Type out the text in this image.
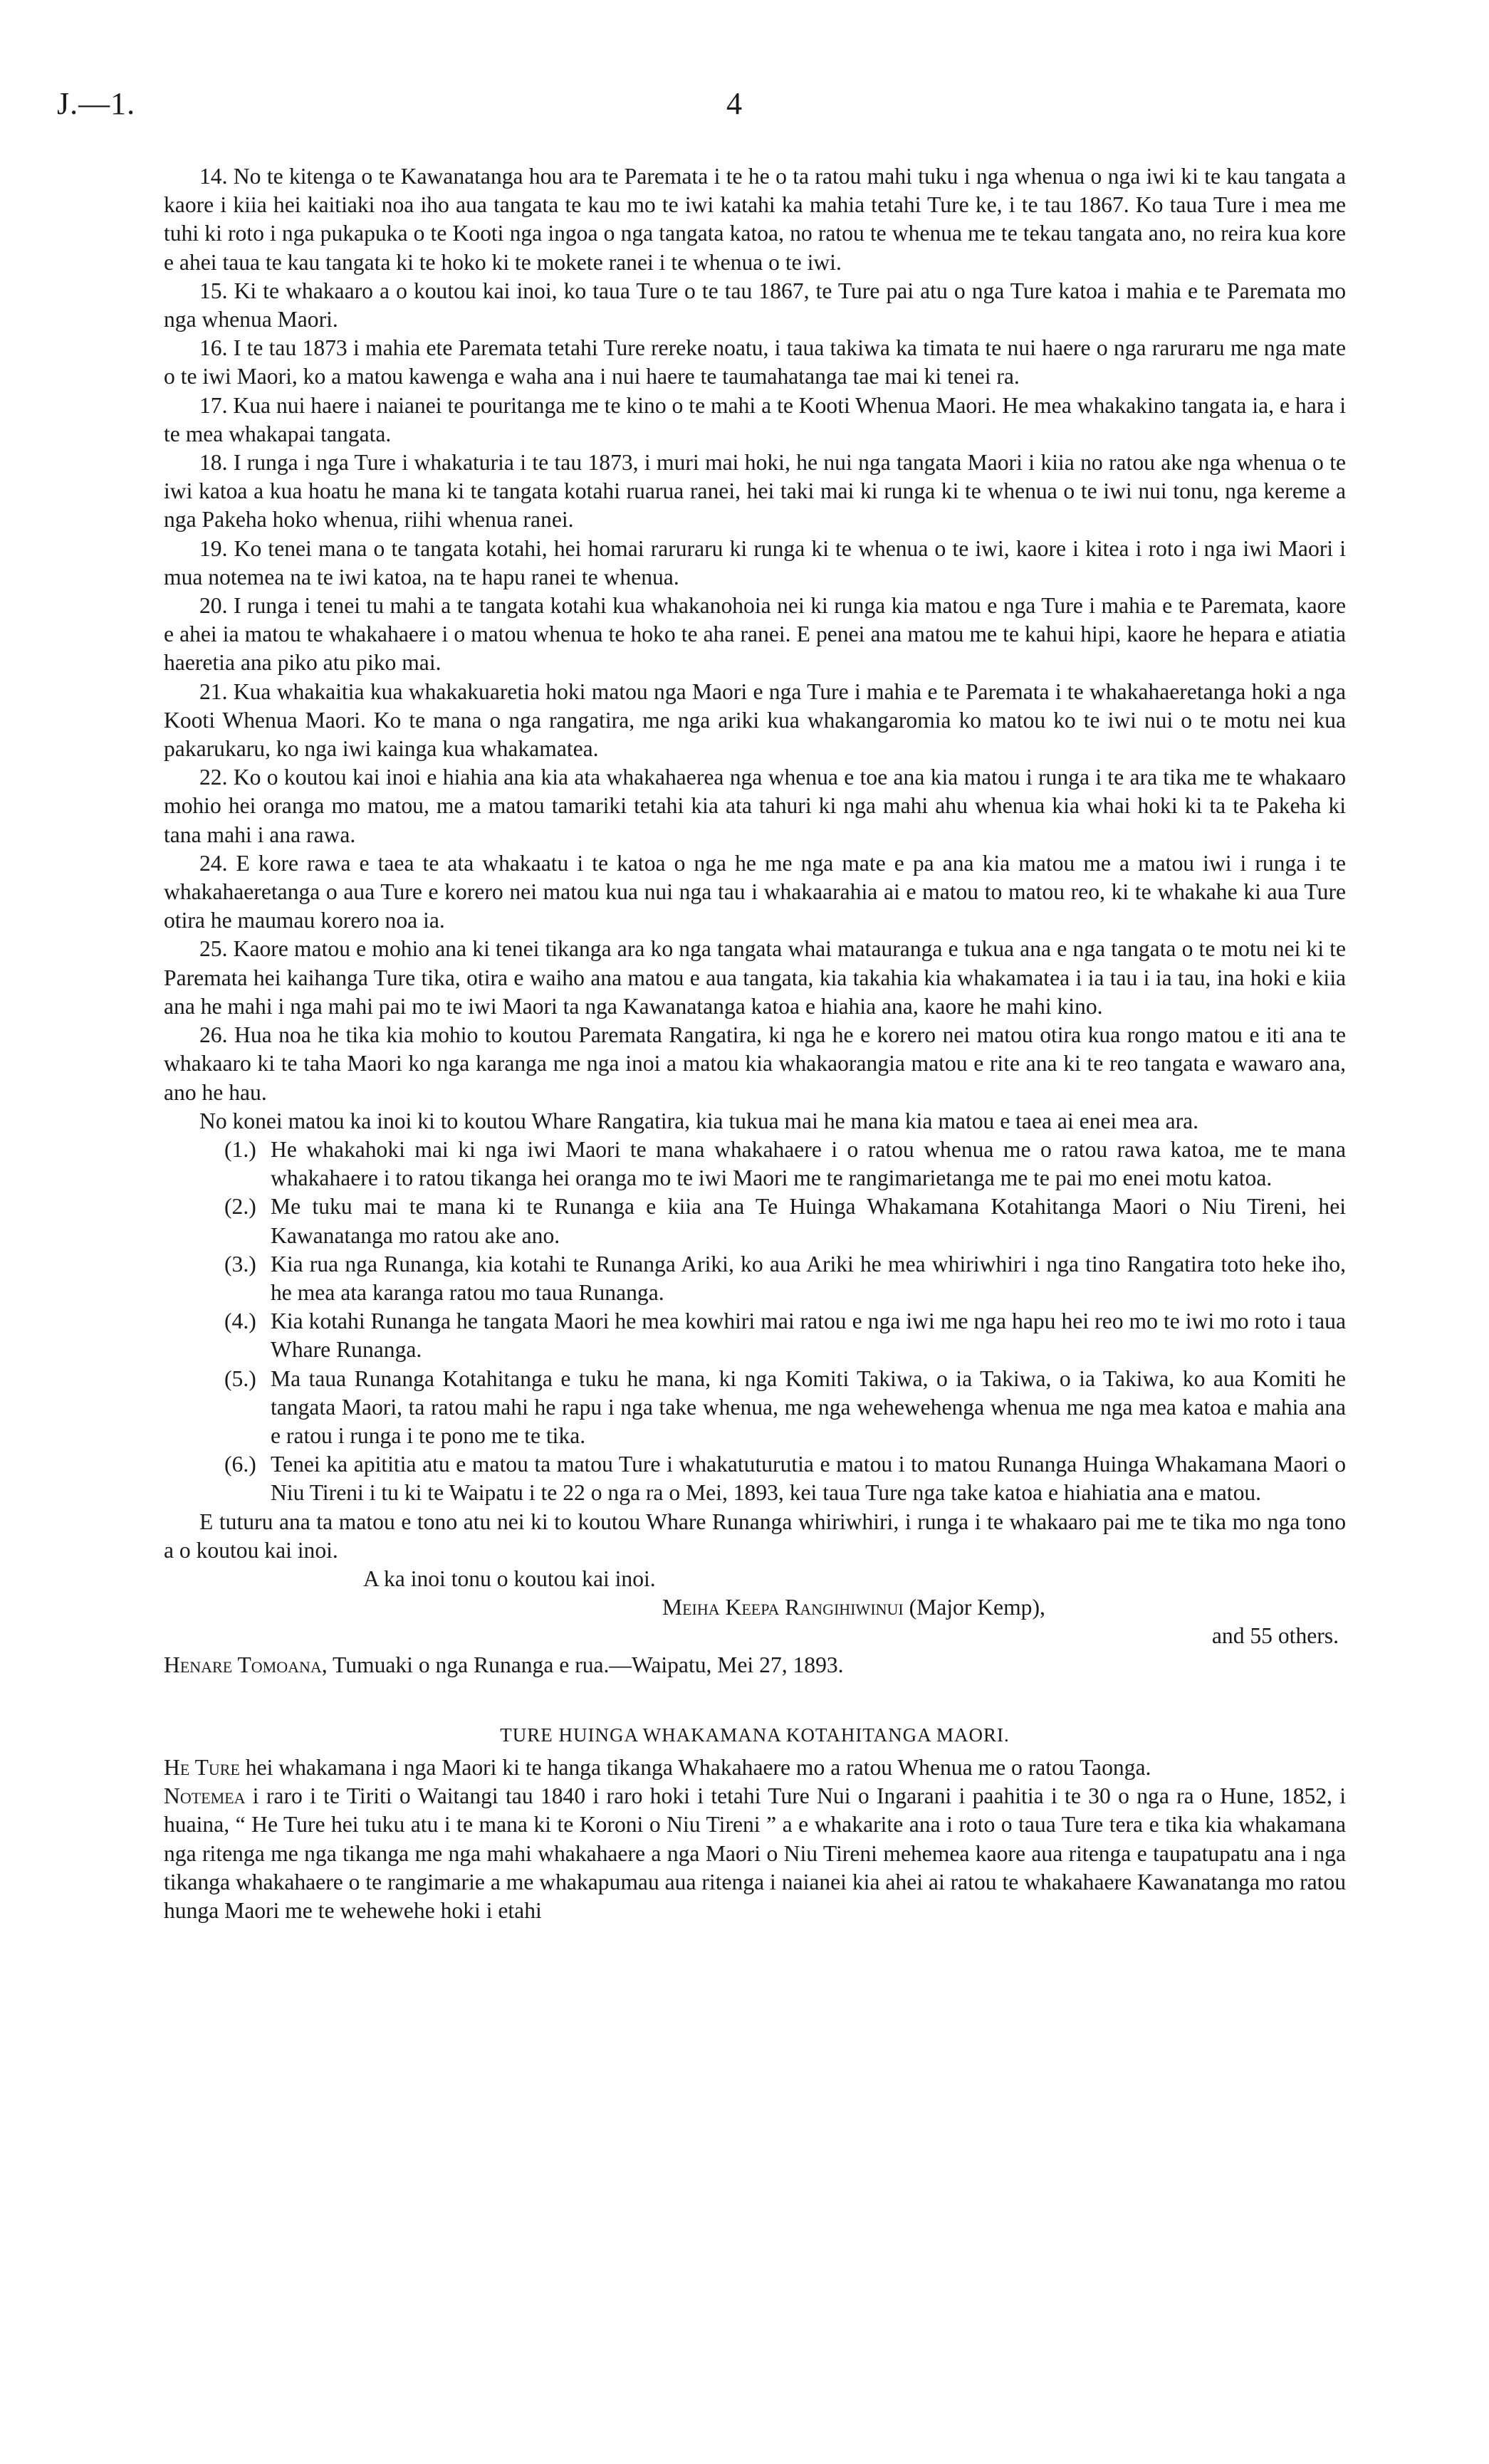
J.—1.	4

14. No te kitenga o te Kawanatanga hou ara te Paremata i te he o ta ratou mahi tuku i nga whenua o nga iwi ki te kau tangata a kaore i kiia hei kaitiaki noa iho aua tangata te kau mo te iwi katahi ka mahia tetahi Ture ke, i te tau 1867. Ko taua Ture i mea me tuhi ki roto i nga pukapuka o te Kooti nga ingoa o nga tangata katoa, no ratou te whenua me te tekau tangata ano, no reira kua kore e ahei taua te kau tangata ki te hoko ki te mokete ranei i te whenua o te iwi.

15. Ki te whakaaro a o koutou kai inoi, ko taua Ture o te tau 1867, te Ture pai atu o nga Ture katoa i mahia e te Paremata mo nga whenua Maori.

16. I te tau 1873 i mahia ete Paremata tetahi Ture rereke noatu, i taua takiwa ka timata te nui haere o nga raruraru me nga mate o te iwi Maori, ko a matou kawenga e waha ana i nui haere te taumahatanga tae mai ki tenei ra.

17. Kua nui haere i naianei te pouritanga me te kino o te mahi a te Kooti Whenua Maori. He mea whakakino tangata ia, e hara i te mea whakapai tangata.

18. I runga i nga Ture i whakaturia i te tau 1873, i muri mai hoki, he nui nga tangata Maori i kiia no ratou ake nga whenua o te iwi katoa a kua hoatu he mana ki te tangata kotahi ruarua ranei, hei taki mai ki runga ki te whenua o te iwi nui tonu, nga kereme a nga Pakeha hoko whenua, riihi whenua ranei.

19. Ko tenei mana o te tangata kotahi, hei homai raruraru ki runga ki te whenua o te iwi, kaore i kitea i roto i nga iwi Maori i mua notemea na te iwi katoa, na te hapu ranei te whenua.

20. I runga i tenei tu mahi a te tangata kotahi kua whakanohoia nei ki runga kia matou e nga Ture i mahia e te Paremata, kaore e ahei ia matou te whakahaere i o matou whenua te hoko te aha ranei. E penei ana matou me te kahui hipi, kaore he hepara e atiatia haeretia ana piko atu piko mai.

21. Kua whakaitia kua whakakuaretia hoki matou nga Maori e nga Ture i mahia e te Paremata i te whakahaeretanga hoki a nga Kooti Whenua Maori. Ko te mana o nga rangatira, me nga ariki kua whakangaromia ko matou ko te iwi nui o te motu nei kua pakarukaru, ko nga iwi kainga kua whakamatea.

22. Ko o koutou kai inoi e hiahia ana kia ata whakahaerea nga whenua e toe ana kia matou i runga i te ara tika me te whakaaro mohio hei oranga mo matou, me a matou tamariki tetahi kia ata tahuri ki nga mahi ahu whenua kia whai hoki ki ta te Pakeha ki tana mahi i ana rawa.

24. E kore rawa e taea te ata whakaatu i te katoa o nga he me nga mate e pa ana kia matou me a matou iwi i runga i te whakahaeretanga o aua Ture e korero nei matou kua nui nga tau i whakaarahia ai e matou to matou reo, ki te whakahe ki aua Ture otira he maumau korero noa ia.

25. Kaore matou e mohio ana ki tenei tikanga ara ko nga tangata whai matauranga e tukua ana e nga tangata o te motu nei ki te Paremata hei kaihanga Ture tika, otira e waiho ana matou e aua tangata, kia takahia kia whakamatea i ia tau i ia tau, ina hoki e kiia ana he mahi i nga mahi pai mo te iwi Maori ta nga Kawanatanga katoa e hiahia ana, kaore he mahi kino.

26. Hua noa he tika kia mohio to koutou Paremata Rangatira, ki nga he e korero nei matou otira kua rongo matou e iti ana te whakaaro ki te taha Maori ko nga karanga me nga inoi a matou kia whakaorangia matou e rite ana ki te reo tangata e wawaro ana, ano he hau.

No konei matou ka inoi ki to koutou Whare Rangatira, kia tukua mai he mana kia matou e taea ai enei mea ara.

(1.) He whakahoki mai ki nga iwi Maori te mana whakahaere i o ratou whenua me o ratou rawa katoa, me te mana whakahaere i to ratou tikanga hei oranga mo te iwi Maori me te rangimarietanga me te pai mo enei motu katoa.
(2.) Me tuku mai te mana ki te Runanga e kiia ana Te Huinga Whakamana Kotahitanga Maori o Niu Tireni, hei Kawanatanga mo ratou ake ano.
(3.) Kia rua nga Runanga, kia kotahi te Runanga Ariki, ko aua Ariki he mea whiriwhiri i nga tino Rangatira toto heke iho, he mea ata karanga ratou mo taua Runanga.
(4.) Kia kotahi Runanga he tangata Maori he mea kowhiri mai ratou e nga iwi me nga hapu hei reo mo te iwi mo roto i taua Whare Runanga.
(5.) Ma taua Runanga Kotahitanga e tuku he mana, ki nga Komiti Takiwa, o ia Takiwa, o ia Takiwa, ko aua Komiti he tangata Maori, ta ratou mahi he rapu i nga take whenua, me nga wehewehenga whenua me nga mea katoa e mahia ana e ratou i runga i te pono me te tika.
(6.) Tenei ka apititia atu e matou ta matou Ture i whakatuturutia e matou i to matou Runanga Huinga Whakamana Maori o Niu Tireni i tu ki te Waipatu i te 22 o nga ra o Mei, 1893, kei taua Ture nga take katoa e hiahiatia ana e matou.

E tuturu ana ta matou e tono atu nei ki to koutou Whare Runanga whiriwhiri, i runga i te whakaaro pai me te tika mo nga tono a o koutou kai inoi.

A ka inoi tonu o koutou kai inoi.

Meiha Keepa Rangihiwinui (Major Kemp),

and 55 others.

Henare Tomoana, Tumuaki o nga Runanga e rua.—Waipatu, Mei 27, 1893.

TURE HUINGA WHAKAMANA KOTAHITANGA MAORI.

He Ture hei whakamana i nga Maori ki te hanga tikanga Whakahaere mo a ratou Whenua me o ratou Taonga.

Notemea i raro i te Tiriti o Waitangi tau 1840 i raro hoki i tetahi Ture Nui o Ingarani i paahitia i te 30 o nga ra o Hune, 1852, i huaina, “ He Ture hei tuku atu i te mana ki te Koroni o Niu Tireni ” a e whakarite ana i roto o taua Ture tera e tika kia whakamana nga ritenga me nga tikanga me nga mahi whakahaere a nga Maori o Niu Tireni mehemea kaore aua ritenga e taupatupatu ana i nga tikanga whakahaere o te rangimarie a me whakapumau aua ritenga i naianei kia ahei ai ratou te whakahaere Kawanatanga mo ratou hunga Maori me te wehewehe hoki i etahi
